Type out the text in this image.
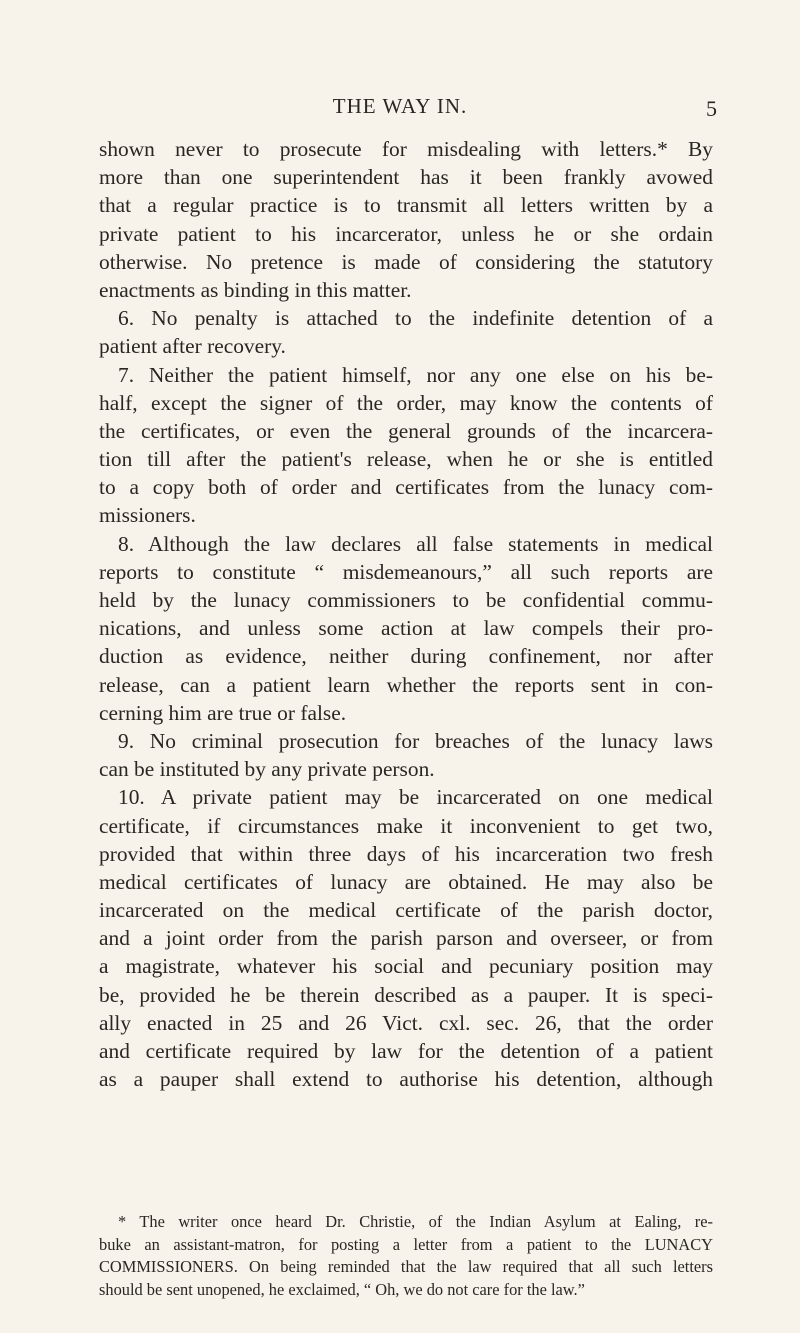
THE WAY IN.	5
shown never to prosecute for misdealing with letters.* By
more than one superintendent has it been frankly avowed
that a regular practice is to transmit all letters written by a
private patient to his incarcerator, unless he or she ordain
otherwise. No pretence is made of considering the statutory
enactments as binding in this matter.
6. No penalty is attached to the indefinite detention of a
patient after recovery.
7. Neither the patient himself, nor any one else on his be-
half, except the signer of the order, may know the contents of
the certificates, or even the general grounds of the incarcera-
tion till after the patient's release, when he or she is entitled
to a copy both of order and certificates from the lunacy com-
missioners.
8. Although the law declares all false statements in medical
reports to constitute “ misdemeanours,” all such reports are
held by the lunacy commissioners to be confidential commu-
nications, and unless some action at law compels their pro-
duction as evidence, neither during confinement, nor after
release, can a patient learn whether the reports sent in con-
cerning him are true or false.
9. No criminal prosecution for breaches of the lunacy laws
can be instituted by any private person.
10. A private patient may be incarcerated on one medical
certificate, if circumstances make it inconvenient to get two,
provided that within three days of his incarceration two fresh
medical certificates of lunacy are obtained. He may also be
incarcerated on the medical certificate of the parish doctor,
and a joint order from the parish parson and overseer, or from
a magistrate, whatever his social and pecuniary position may
be, provided he be therein described as a pauper. It is speci-
ally enacted in 25 and 26 Vict. cxl. sec. 26, that the order
and certificate required by law for the detention of a patient
as a pauper shall extend to authorise his detention, although
* The writer once heard Dr. Christie, of the Indian Asylum at Ealing, re-
buke an assistant-matron, for posting a letter from a patient to the LUNACY
COMMISSIONERS. On being reminded that the law required that all such letters
should be sent unopened, he exclaimed, “ Oh, we do not care for the law.”
